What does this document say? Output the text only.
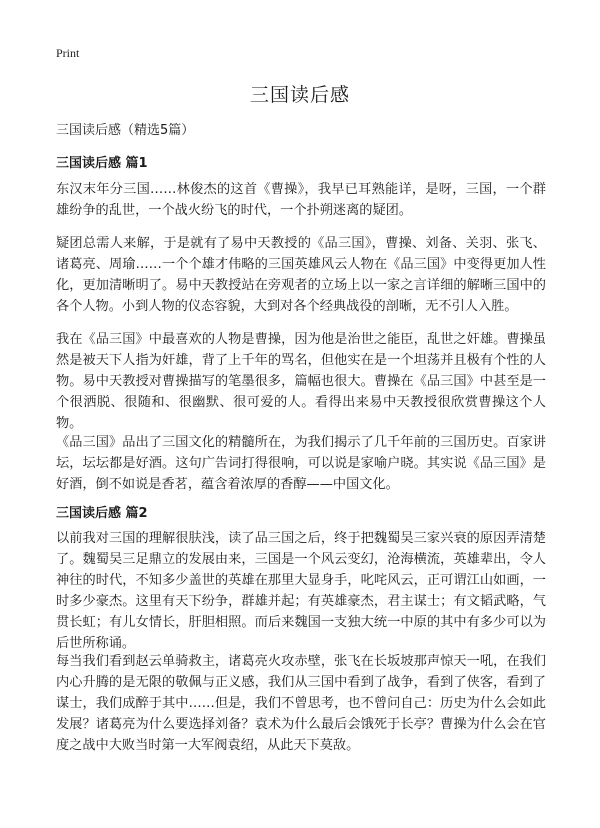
Print
三国读后感
三国读后感（精选5篇）
三国读后感 篇1
东汉末年分三国……林俊杰的这首《曹操》，我早已耳熟能详，是呀，三国，一个群雄纷争的乱世，一个战火纷飞的时代，一个扑朔迷离的疑团。
疑团总需人来解，于是就有了易中天教授的《品三国》，曹操、刘备、关羽、张飞、诸葛亮、周瑜……一个个雄才伟略的三国英雄风云人物在《品三国》中变得更加人性化，更加清晰明了。易中天教授站在旁观者的立场上以一家之言详细的解晰三国中的各个人物。小到人物的仪态容貌，大到对各个经典战役的剖晰，无不引人入胜。
我在《品三国》中最喜欢的人物是曹操，因为他是治世之能臣，乱世之奸雄。曹操虽然是被天下人指为奸雄，背了上千年的骂名，但他实在是一个坦荡并且极有个性的人物。易中天教授对曹操描写的笔墨很多，篇幅也很大。曹操在《品三国》中甚至是一个很洒脱、很随和、很幽默、很可爱的人。看得出来易中天教授很欣赏曹操这个人物。
《品三国》品出了三国文化的精髓所在，为我们揭示了几千年前的三国历史。百家讲坛，坛坛都是好酒。这句广告词打得很响，可以说是家喻户晓。其实说《品三国》是好酒，倒不如说是香茗，蕴含着浓厚的香醇——中国文化。
三国读后感 篇2
以前我对三国的理解很肤浅，读了品三国之后，终于把魏蜀吴三家兴衰的原因弄清楚了。魏蜀吴三足鼎立的发展由来，三国是一个风云变幻，沧海横流，英雄辈出，令人神往的时代，不知多少盖世的英雄在那里大显身手，叱咤风云，正可谓江山如画，一时多少豪杰。这里有天下纷争，群雄并起；有英雄豪杰，君主谋士；有文韬武略，气贯长虹；有儿女情长，肝胆相照。而后来魏国一支独大统一中原的其中有多少可以为后世所称诵。
每当我们看到赵云单骑救主，诸葛亮火攻赤壁，张飞在长坂坡那声惊天一吼，在我们内心升腾的是无限的敬佩与正义感，我们从三国中看到了战争，看到了侠客，看到了谋士，我们成醉于其中……但是，我们不曾思考，也不曾问自己：历史为什么会如此发展？诸葛亮为什么要选择刘备？袁术为什么最后会饿死于长亭？曹操为什么会在官度之战中大败当时第一大军阀袁绍，从此天下莫敌。
